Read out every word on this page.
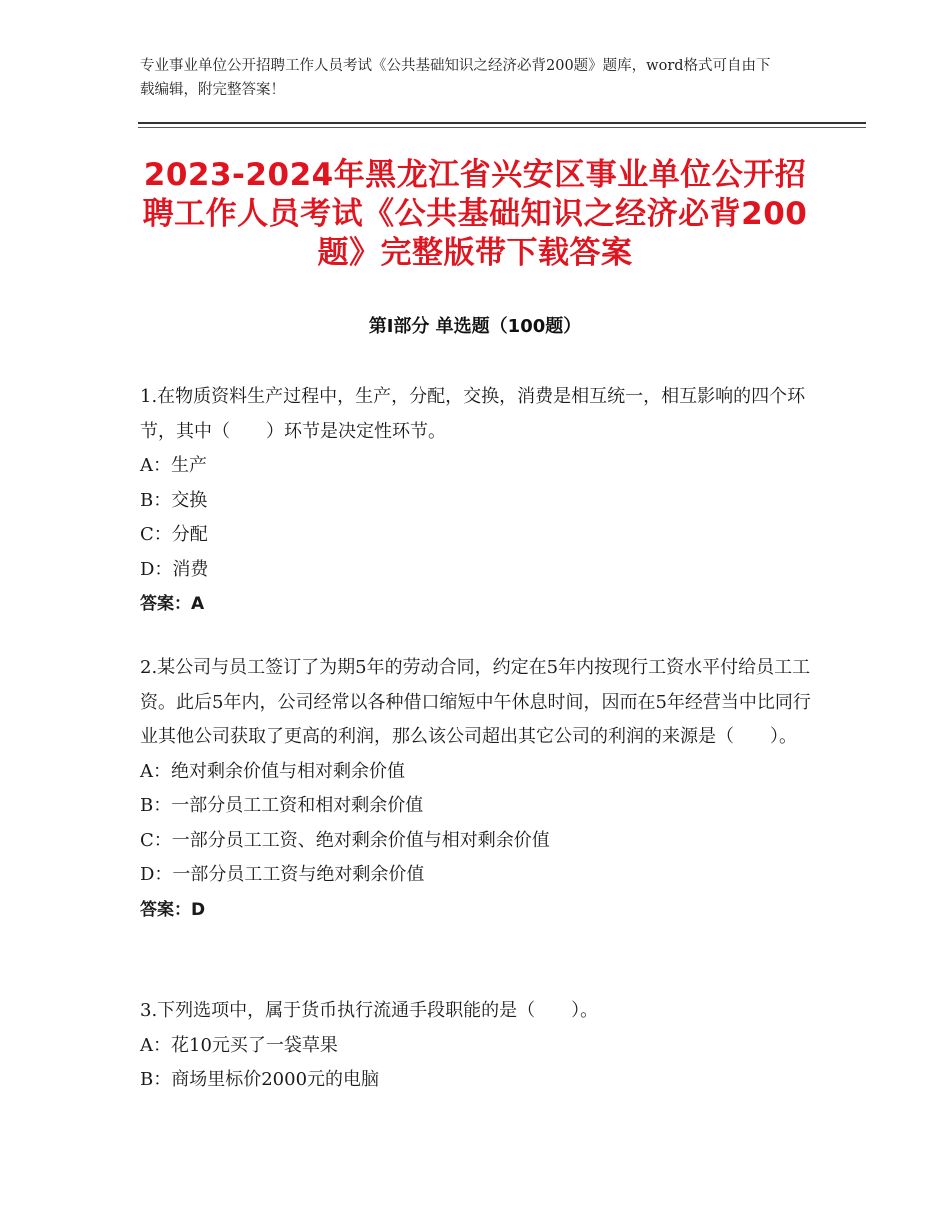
专业事业单位公开招聘工作人员考试《公共基础知识之经济必背200题》题库，word格式可自由下载编辑，附完整答案！
2023-2024年黑龙江省兴安区事业单位公开招聘工作人员考试《公共基础知识之经济必背200题》完整版带下载答案
第Ⅰ部分 单选题（100题）

1.在物质资料生产过程中，生产，分配，交换，消费是相互统一，相互影响的四个环节，其中（　　）环节是决定性环节。

A：生产

B：交换

C：分配

D：消费

答案：A

2.某公司与员工签订了为期5年的劳动合同，约定在5年内按现行工资水平付给员工工资。此后5年内，公司经常以各种借口缩短中午休息时间，因而在5年经营当中比同行业其他公司获取了更高的利润，那么该公司超出其它公司的利润的来源是（　　）。

A：绝对剩余价值与相对剩余价值

B：一部分员工工资和相对剩余价值

C：一部分员工工资、绝对剩余价值与相对剩余价值

D：一部分员工工资与绝对剩余价值

答案：D

3.下列选项中，属于货币执行流通手段职能的是（　　）。

A：花10元买了一袋草果

B：商场里标价2000元的电脑
